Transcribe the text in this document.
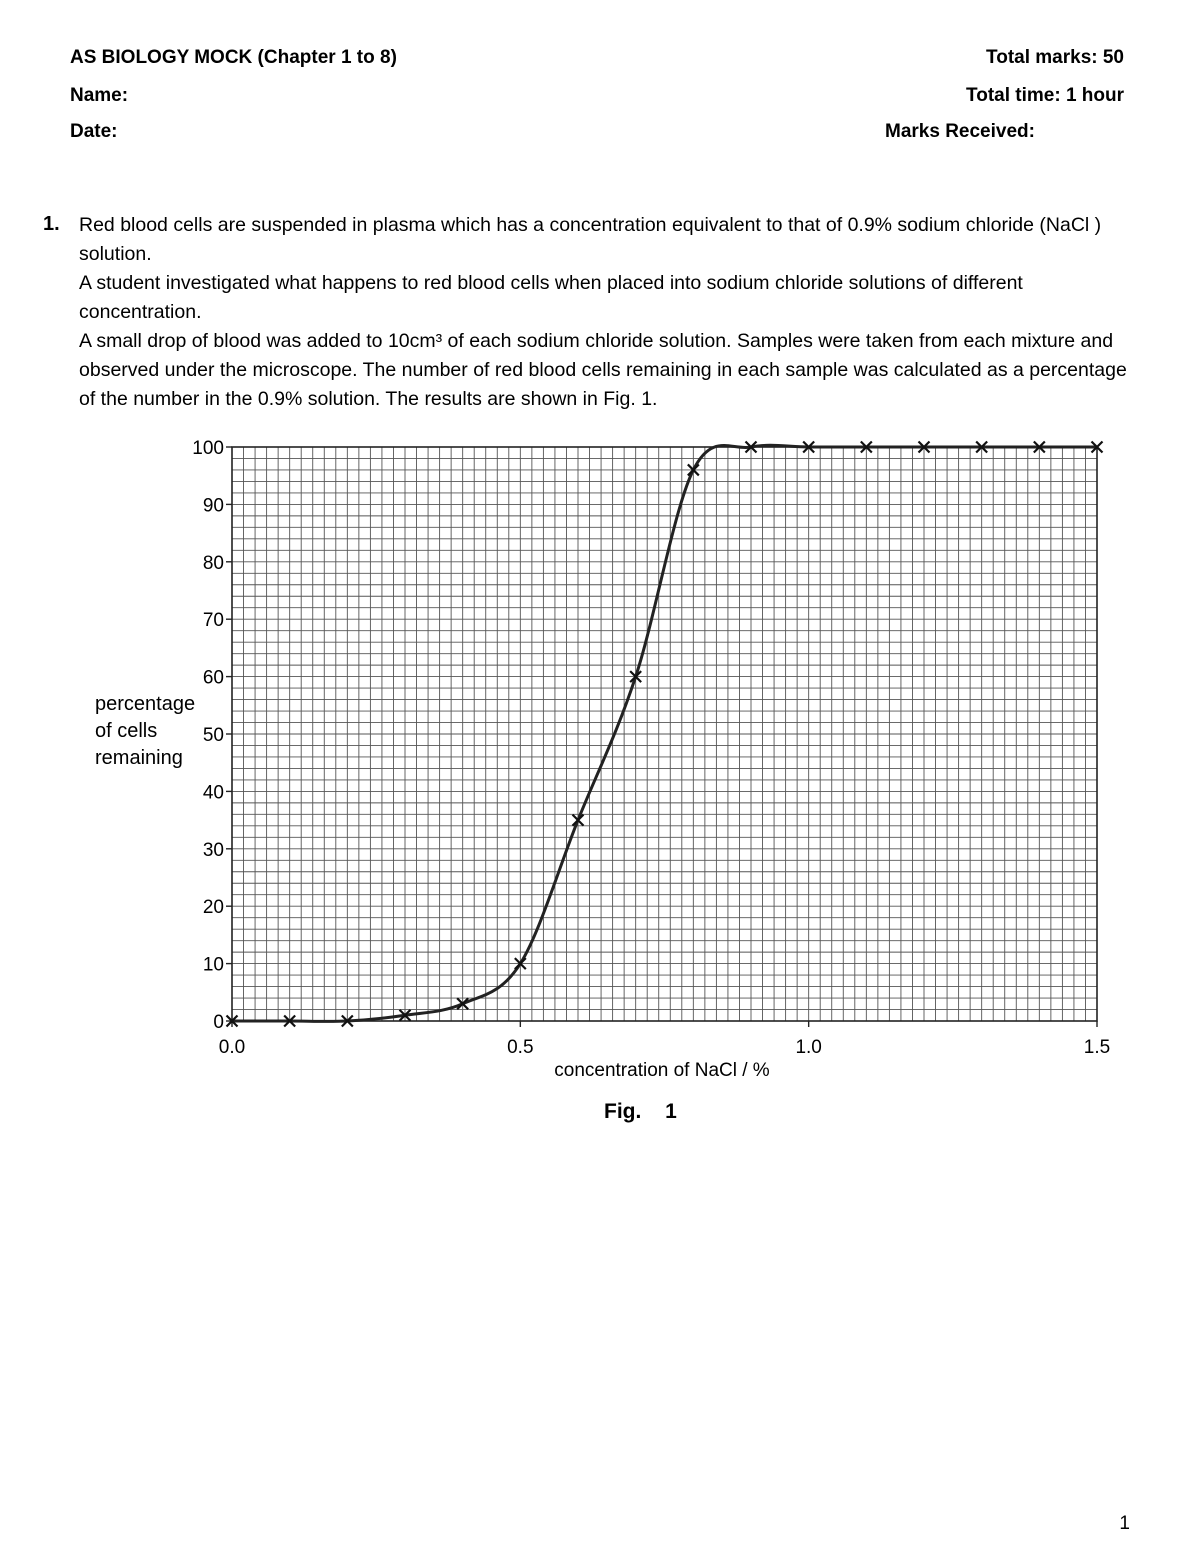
AS BIOLOGY MOCK (Chapter 1 to 8)
Name:
Date:
Total marks: 50
Total time: 1 hour
Marks Received:
1. Red blood cells are suspended in plasma which has a concentration equivalent to that of 0.9% sodium chloride (NaCl ) solution.

A student investigated what happens to red blood cells when placed into sodium chloride solutions of different concentration.

A small drop of blood was added to 10cm³ of each sodium chloride solution. Samples were taken from each mixture and observed under the microscope. The number of red blood cells remaining in each sample was calculated as a percentage of the number in the 0.9% solution. The results are shown in Fig. 1.

0
10
20
30
40
50
60
70
80
90
100
0.0	0.5	1.0	1.5
concentration of NaCl / %
percentage
of cells
remaining
Fig. 1
1
